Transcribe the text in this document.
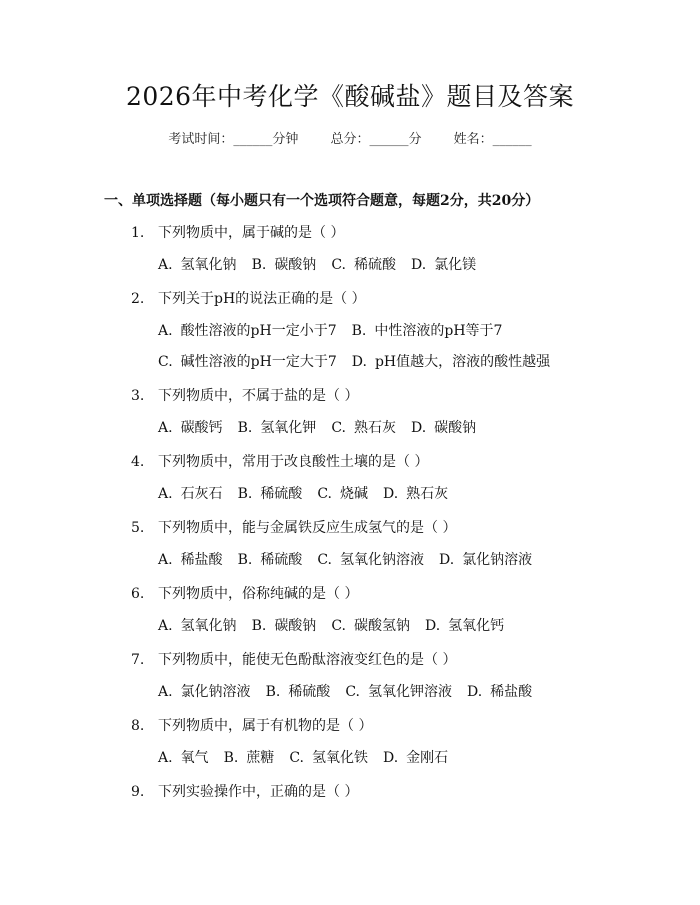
2026年中考化学《酸碱盐》题目及答案
考试时间：______分钟 总分：______分 姓名：______
一、单项选择题（每小题只有一个选项符合题意，每题2分，共20分）
1. 下列物质中，属于碱的是（ ）
A. 氢氧化钠 B. 碳酸钠 C. 稀硫酸 D. 氯化镁
2. 下列关于pH的说法正确的是（ ）
A. 酸性溶液的pH一定小于7 B. 中性溶液的pH等于7
C. 碱性溶液的pH一定大于7 D. pH值越大，溶液的酸性越强
3. 下列物质中，不属于盐的是（ ）
A. 碳酸钙 B. 氢氧化钾 C. 熟石灰 D. 碳酸钠
4. 下列物质中，常用于改良酸性土壤的是（ ）
A. 石灰石 B. 稀硫酸 C. 烧碱 D. 熟石灰
5. 下列物质中，能与金属铁反应生成氢气的是（ ）
A. 稀盐酸 B. 稀硫酸 C. 氢氧化钠溶液 D. 氯化钠溶液
6. 下列物质中，俗称纯碱的是（ ）
A. 氢氧化钠 B. 碳酸钠 C. 碳酸氢钠 D. 氢氧化钙
7. 下列物质中，能使无色酚酞溶液变红色的是（ ）
A. 氯化钠溶液 B. 稀硫酸 C. 氢氧化钾溶液 D. 稀盐酸
8. 下列物质中，属于有机物的是（ ）
A. 氧气 B. 蔗糖 C. 氢氧化铁 D. 金刚石
9. 下列实验操作中，正确的是（ ）
